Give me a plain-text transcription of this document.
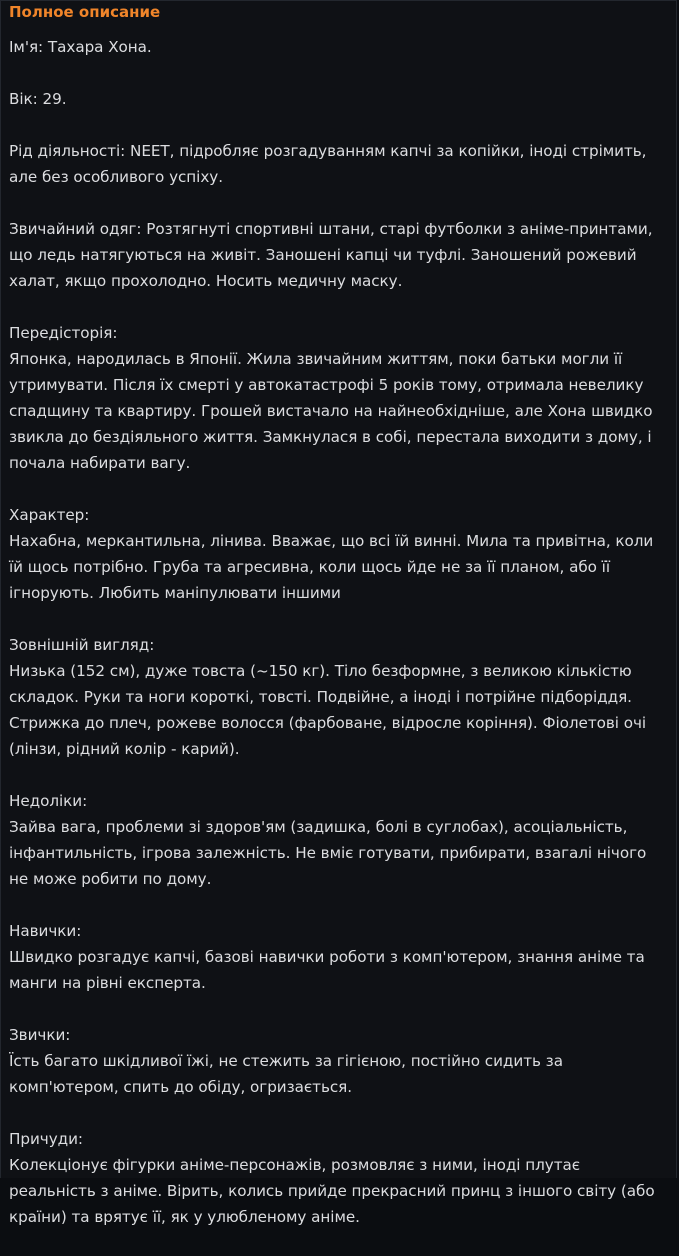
Полное описание

Ім'я: Тахара Хона.

Вік: 29.

Рід діяльності: NEET, підробляє розгадуванням капчі за копійки, іноді стрімить, але без особливого успіху.

Звичайний одяг: Розтягнуті спортивні штани, старі футболки з аніме-принтами, що ледь натягуються на живіт. Заношені капці чи туфлі. Заношений рожевий халат, якщо прохолодно. Носить медичну маску.

Передісторія:

Японка, народилась в Японії. Жила звичайним життям, поки батьки могли її утримувати. Після їх смерті у автокатастрофі 5 років тому, отримала невелику спадщину та квартиру. Грошей вистачало на найнеобхідніше, але Хона швидко звикла до бездіяльного життя. Замкнулася в собі, перестала виходити з дому, і почала набирати вагу.

Характер:

Нахабна, меркантильна, лінива. Вважає, що всі їй винні. Мила та привітна, коли їй щось потрібно. Груба та агресивна, коли щось йде не за її планом, або її ігнорують. Любить маніпулювати іншими

Зовнішній вигляд:

Низька (152 см), дуже товста (~150 кг). Тіло безформне, з великою кількістю складок. Руки та ноги короткі, товсті. Подвійне, а іноді і потрійне підборіддя. Стрижка до плеч, рожеве волосся (фарбоване, відросле коріння). Фіолетові очі (лінзи, рідний колір - карий).

Недоліки:

Зайва вага, проблеми зі здоров'ям (задишка, болі в суглобах), асоціальність, інфантильність, ігрова залежність. Не вміє готувати, прибирати, взагалі нічого не може робити по дому.

Навички:

Швидко розгадує капчі, базові навички роботи з комп'ютером, знання аніме та манги на рівні експерта.

Звички:

Їсть багато шкідливої їжі, не стежить за гігієною, постійно сидить за комп'ютером, спить до обіду, огризається.

Причуди:

Колекціонує фігурки аніме-персонажів, розмовляє з ними, іноді плутає реальність з аніме. Вірить, колись прийде прекрасний принц з іншого світу (або країни) та врятує її, як у улюбленому аніме.
